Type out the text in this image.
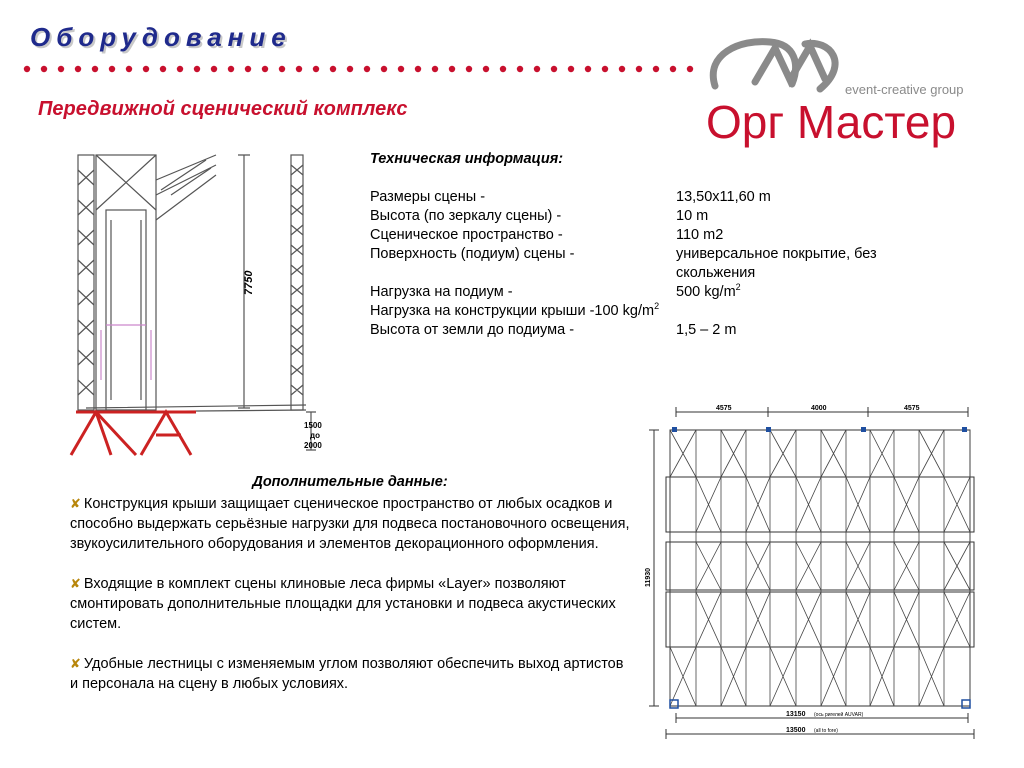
Оборудование
Передвижной сценический комплекс
event-creative group
Орг Мастер
Техническая информация:
Размеры сцены -	13,50х11,60 m
Высота (по зеркалу сцены) -	10 m
Сценическое пространство -	110 m2
Поверхность (подиум) сцены -	универсальное покрытие, без скольжения
Нагрузка на подиум -	500 $kg/m^2$
Нагрузка на конструкции крыши - 100 $kg/m^2$
Высота от земли до подиума -	1,5 – 2 m
7750
1500
до
2000
Дополнительные данные:
✘ Конструкция крыши защищает сценическое пространство от любых осадков и способно выдержать серьёзные нагрузки для подвеса постановочного освещения, звукоусилительного оборудования и элементов декорационного оформления.
✘ Входящие в комплект сцены клиновые леса фирмы «Layer» позволяют смонтировать дополнительные площадки для установки и подвеса акустических систем.
✘ Удобные лестницы с изменяемым углом позволяют обеспечить выход артистов и персонала на сцену в любых условиях.
4575	4000	4575
11930
13150 (ось ригелей AUVAR)
13500 (all to fore)
